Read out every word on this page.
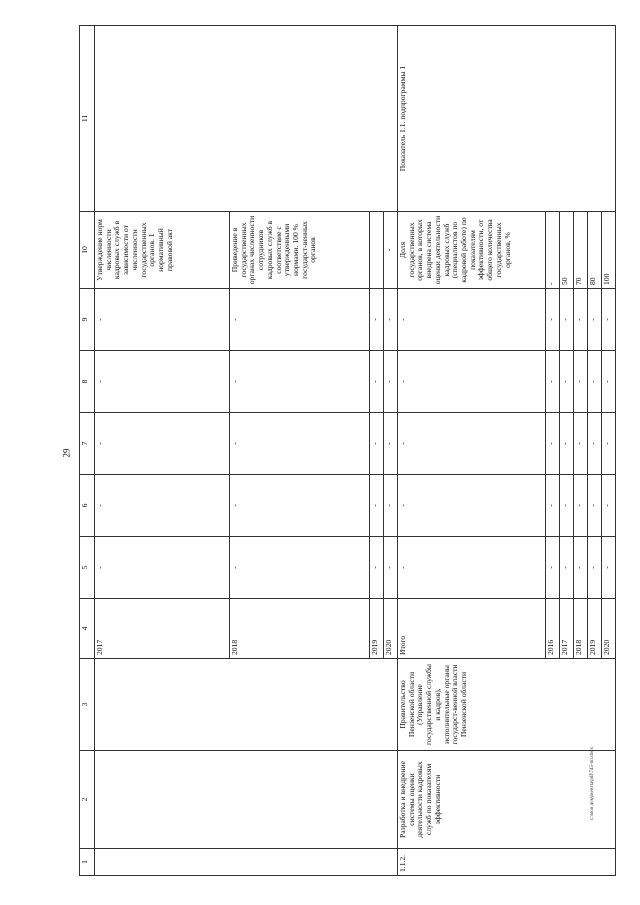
29
1	2	3	4	5	6	7	8	9	10	11
			2017	-	-	-	-	-	Утверждение норм численности кадровых служб в зависимости от численности государственных органов. 1 нормативный правовой акт	
			2018	-	-	-	-	-	Приведение в государственных органах численности сотрудников кадровых служб в соответствие с утвержденными нормами. 100 % государст-венных органов	
			2019	-	-	-	-	-		
			2020	-	-	-	-	-	-	
1.1.2.	Разработка и внедрение системы оценки деятельности кадровых служб по показателям эффективности	Правительство Пензенской области (Управление государственной службы и кадров), исполнительные органы государст-венной власти Пензенской области	Итого	-	-	-	-	-	Доля государственных органов, в которых внедрена система оценки деятельности кадровых служб (специалистов по кадровой работе) по показателям эффективности, от общего количества государственных органов, %	Показатель 1.1. подпрограммы 1
			2016	-	-	-	-	-	-	
			2017	-	-	-	-	-	50	
			2018	-	-	-	-	-	70	
			2019	-	-	-	-	-	80	
			2020	-	-	-	-	-	100	
c:\мои документы\pdf\745-пп.docx
